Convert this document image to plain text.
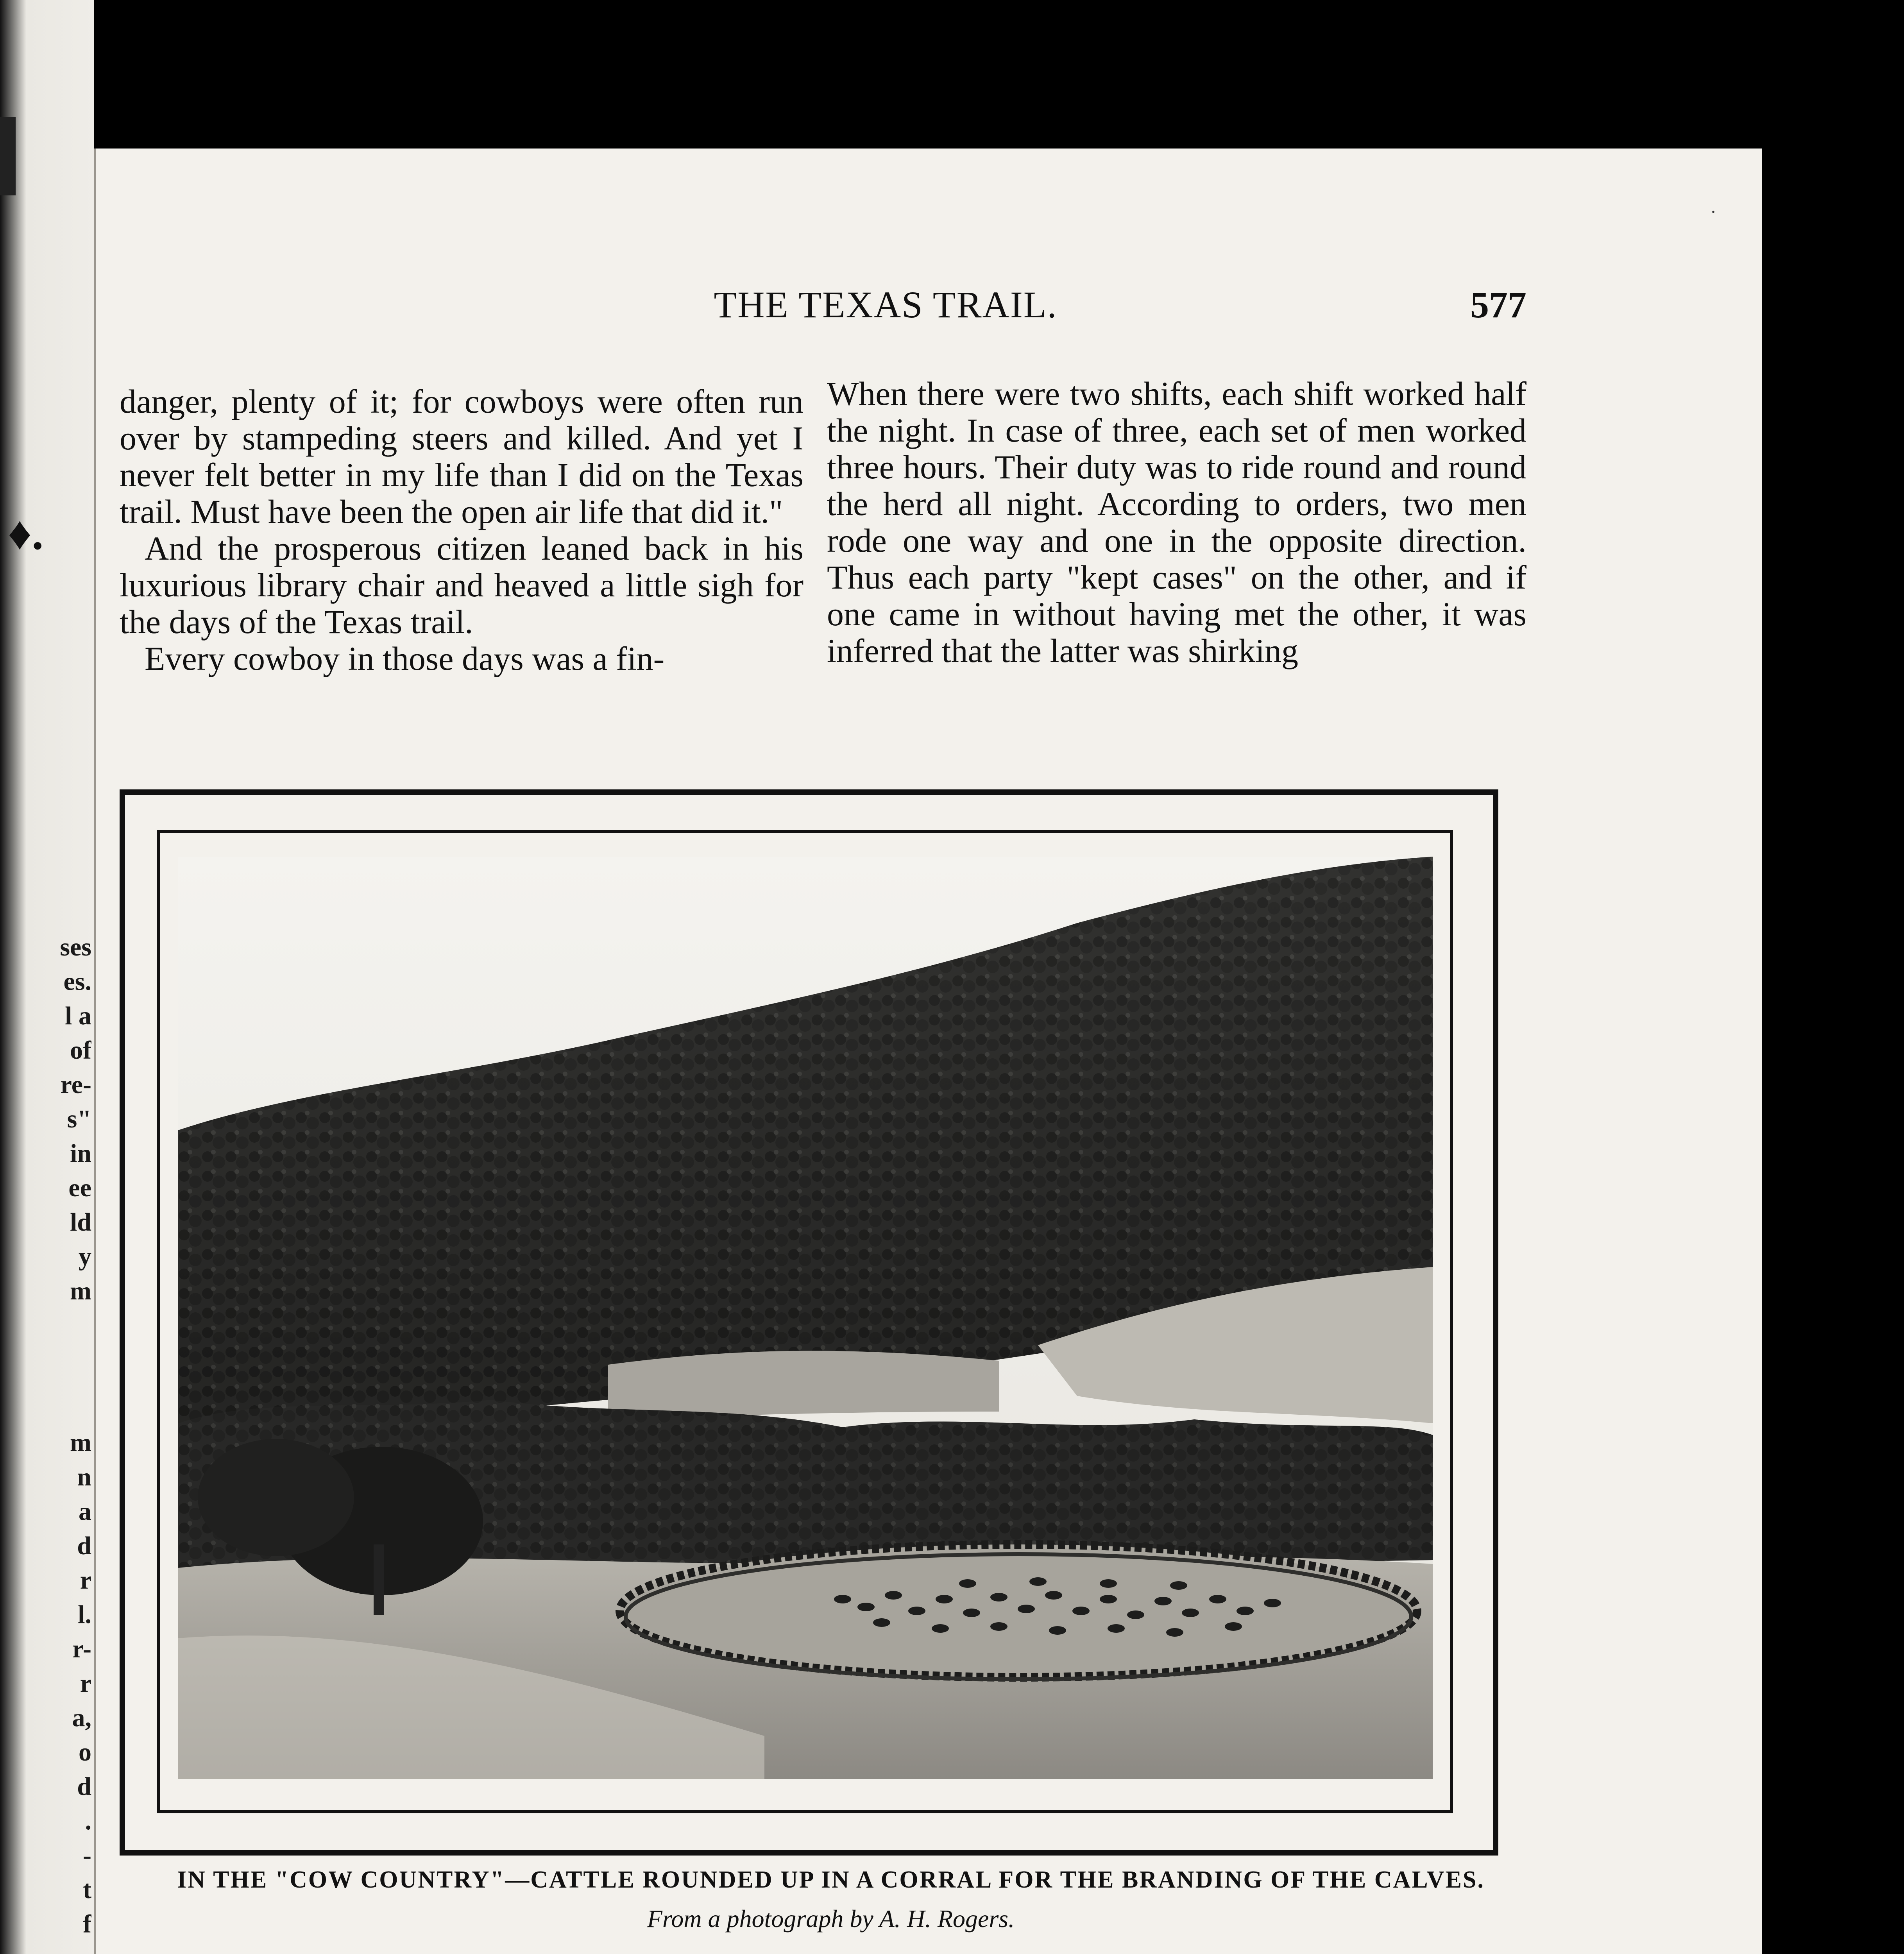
♦.
ses
es.
l a
of
re-
s"
in
ee
ld
y
m
m
n
a
d
r
l.
r-
r
a,
o
d
.
-
t
f
·
THE TEXAS TRAIL.	577

danger, plenty of it; for cowboys were often run over by stampeding steers and killed. And yet I never felt better in my life than I did on the Texas trail. Must have been the open air life that did it."

And the prosperous citizen leaned back in his luxurious library chair and heaved a little sigh for the days of the Texas trail.

Every cowboy in those days was a fin-

When there were two shifts, each shift worked half the night. In case of three, each set of men worked three hours. Their duty was to ride round and round the herd all night. According to orders, two men rode one way and one in the opposite direction. Thus each party "kept cases" on the other, and if one came in without having met the other, it was inferred that the latter was shirking

IN THE "COW COUNTRY"—CATTLE ROUNDED UP IN A CORRAL FOR THE BRANDING OF THE CALVES.
From a photograph by A. H. Rogers.
